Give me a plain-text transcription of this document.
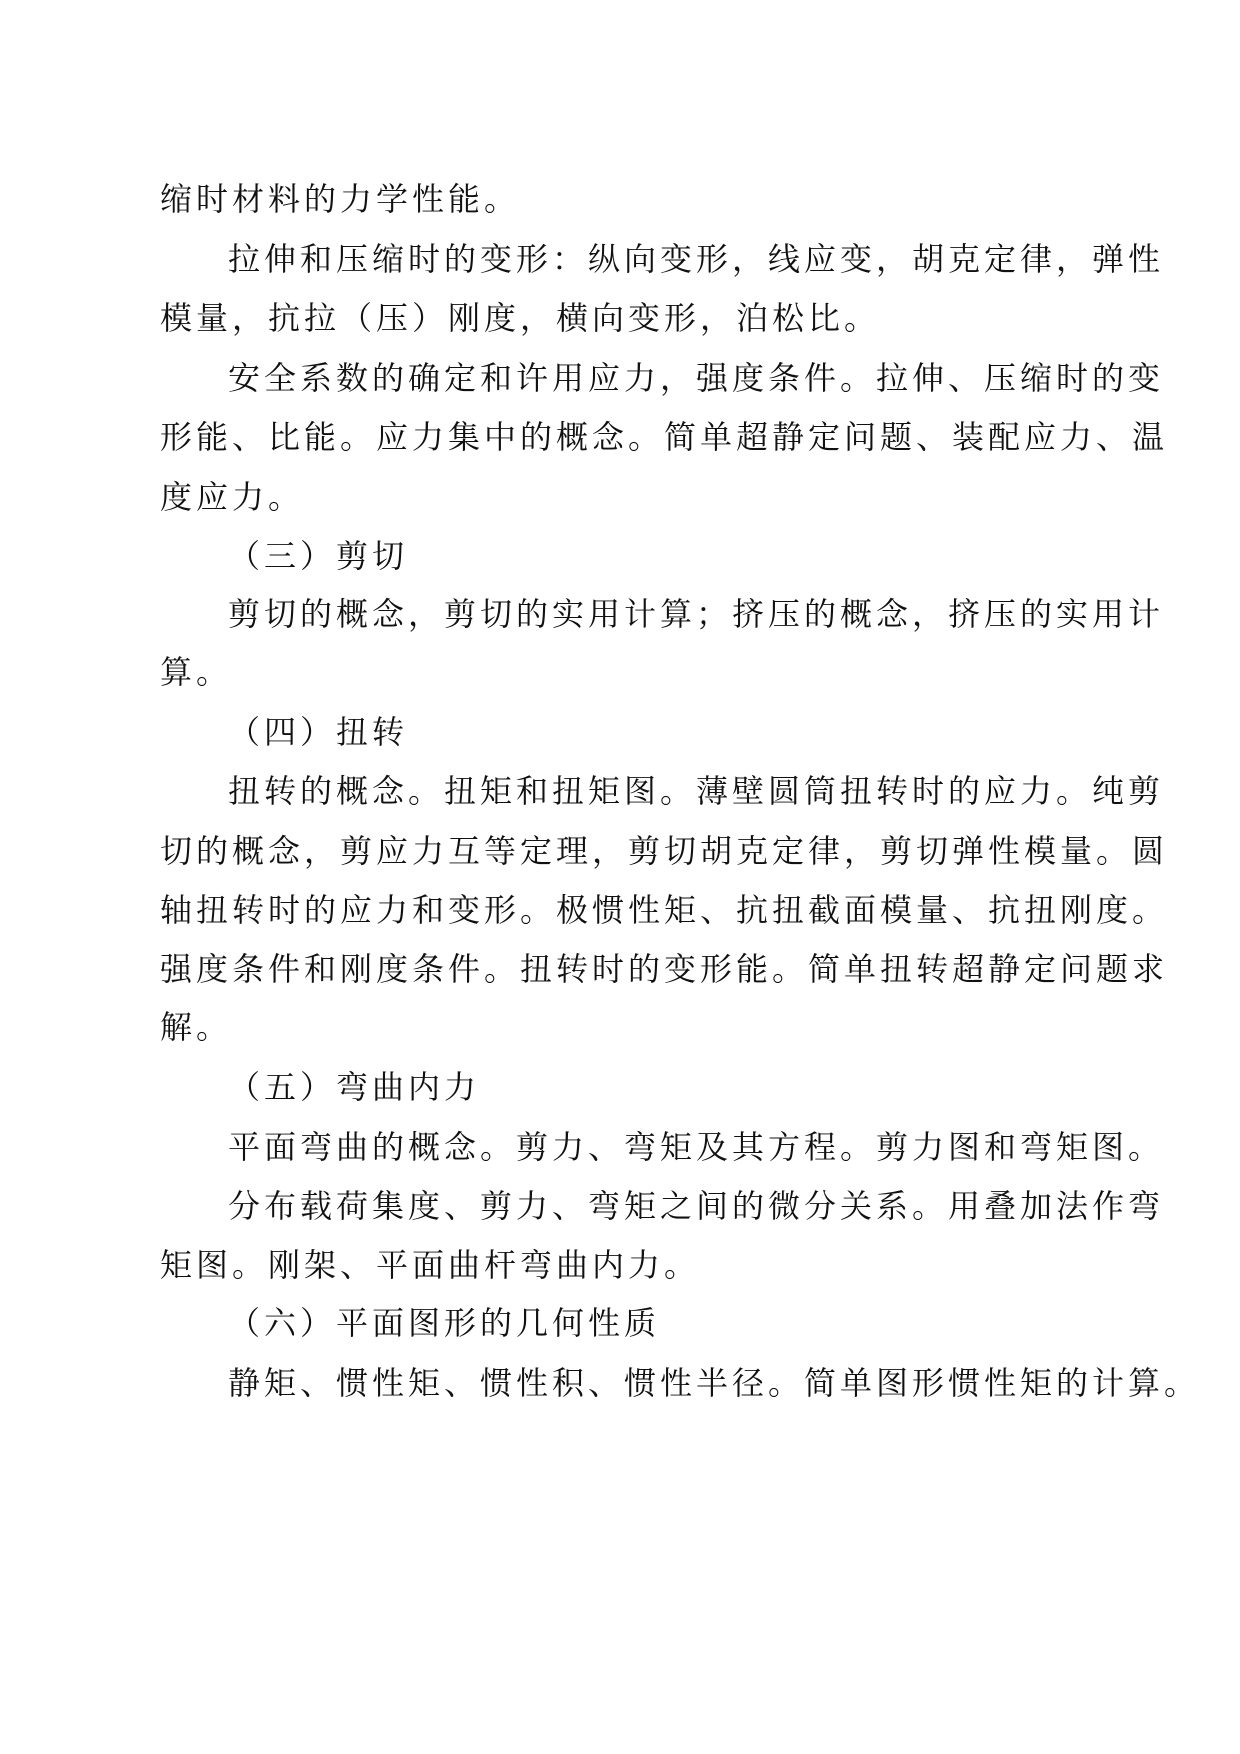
缩时材料的力学性能。
拉伸和压缩时的变形：纵向变形，线应变，胡克定律，弹性
模量，抗拉（压）刚度，横向变形，泊松比。
安全系数的确定和许用应力，强度条件。拉伸、压缩时的变
形能、比能。应力集中的概念。简单超静定问题、装配应力、温
度应力。
（三）剪切
剪切的概念，剪切的实用计算；挤压的概念，挤压的实用计
算。
（四）扭转
扭转的概念。扭矩和扭矩图。薄壁圆筒扭转时的应力。纯剪
切的概念，剪应力互等定理，剪切胡克定律，剪切弹性模量。圆
轴扭转时的应力和变形。极惯性矩、抗扭截面模量、抗扭刚度。
强度条件和刚度条件。扭转时的变形能。简单扭转超静定问题求
解。
（五）弯曲内力
平面弯曲的概念。剪力、弯矩及其方程。剪力图和弯矩图。
分布载荷集度、剪力、弯矩之间的微分关系。用叠加法作弯
矩图。刚架、平面曲杆弯曲内力。
（六）平面图形的几何性质
静矩、惯性矩、惯性积、惯性半径。简单图形惯性矩的计算。
